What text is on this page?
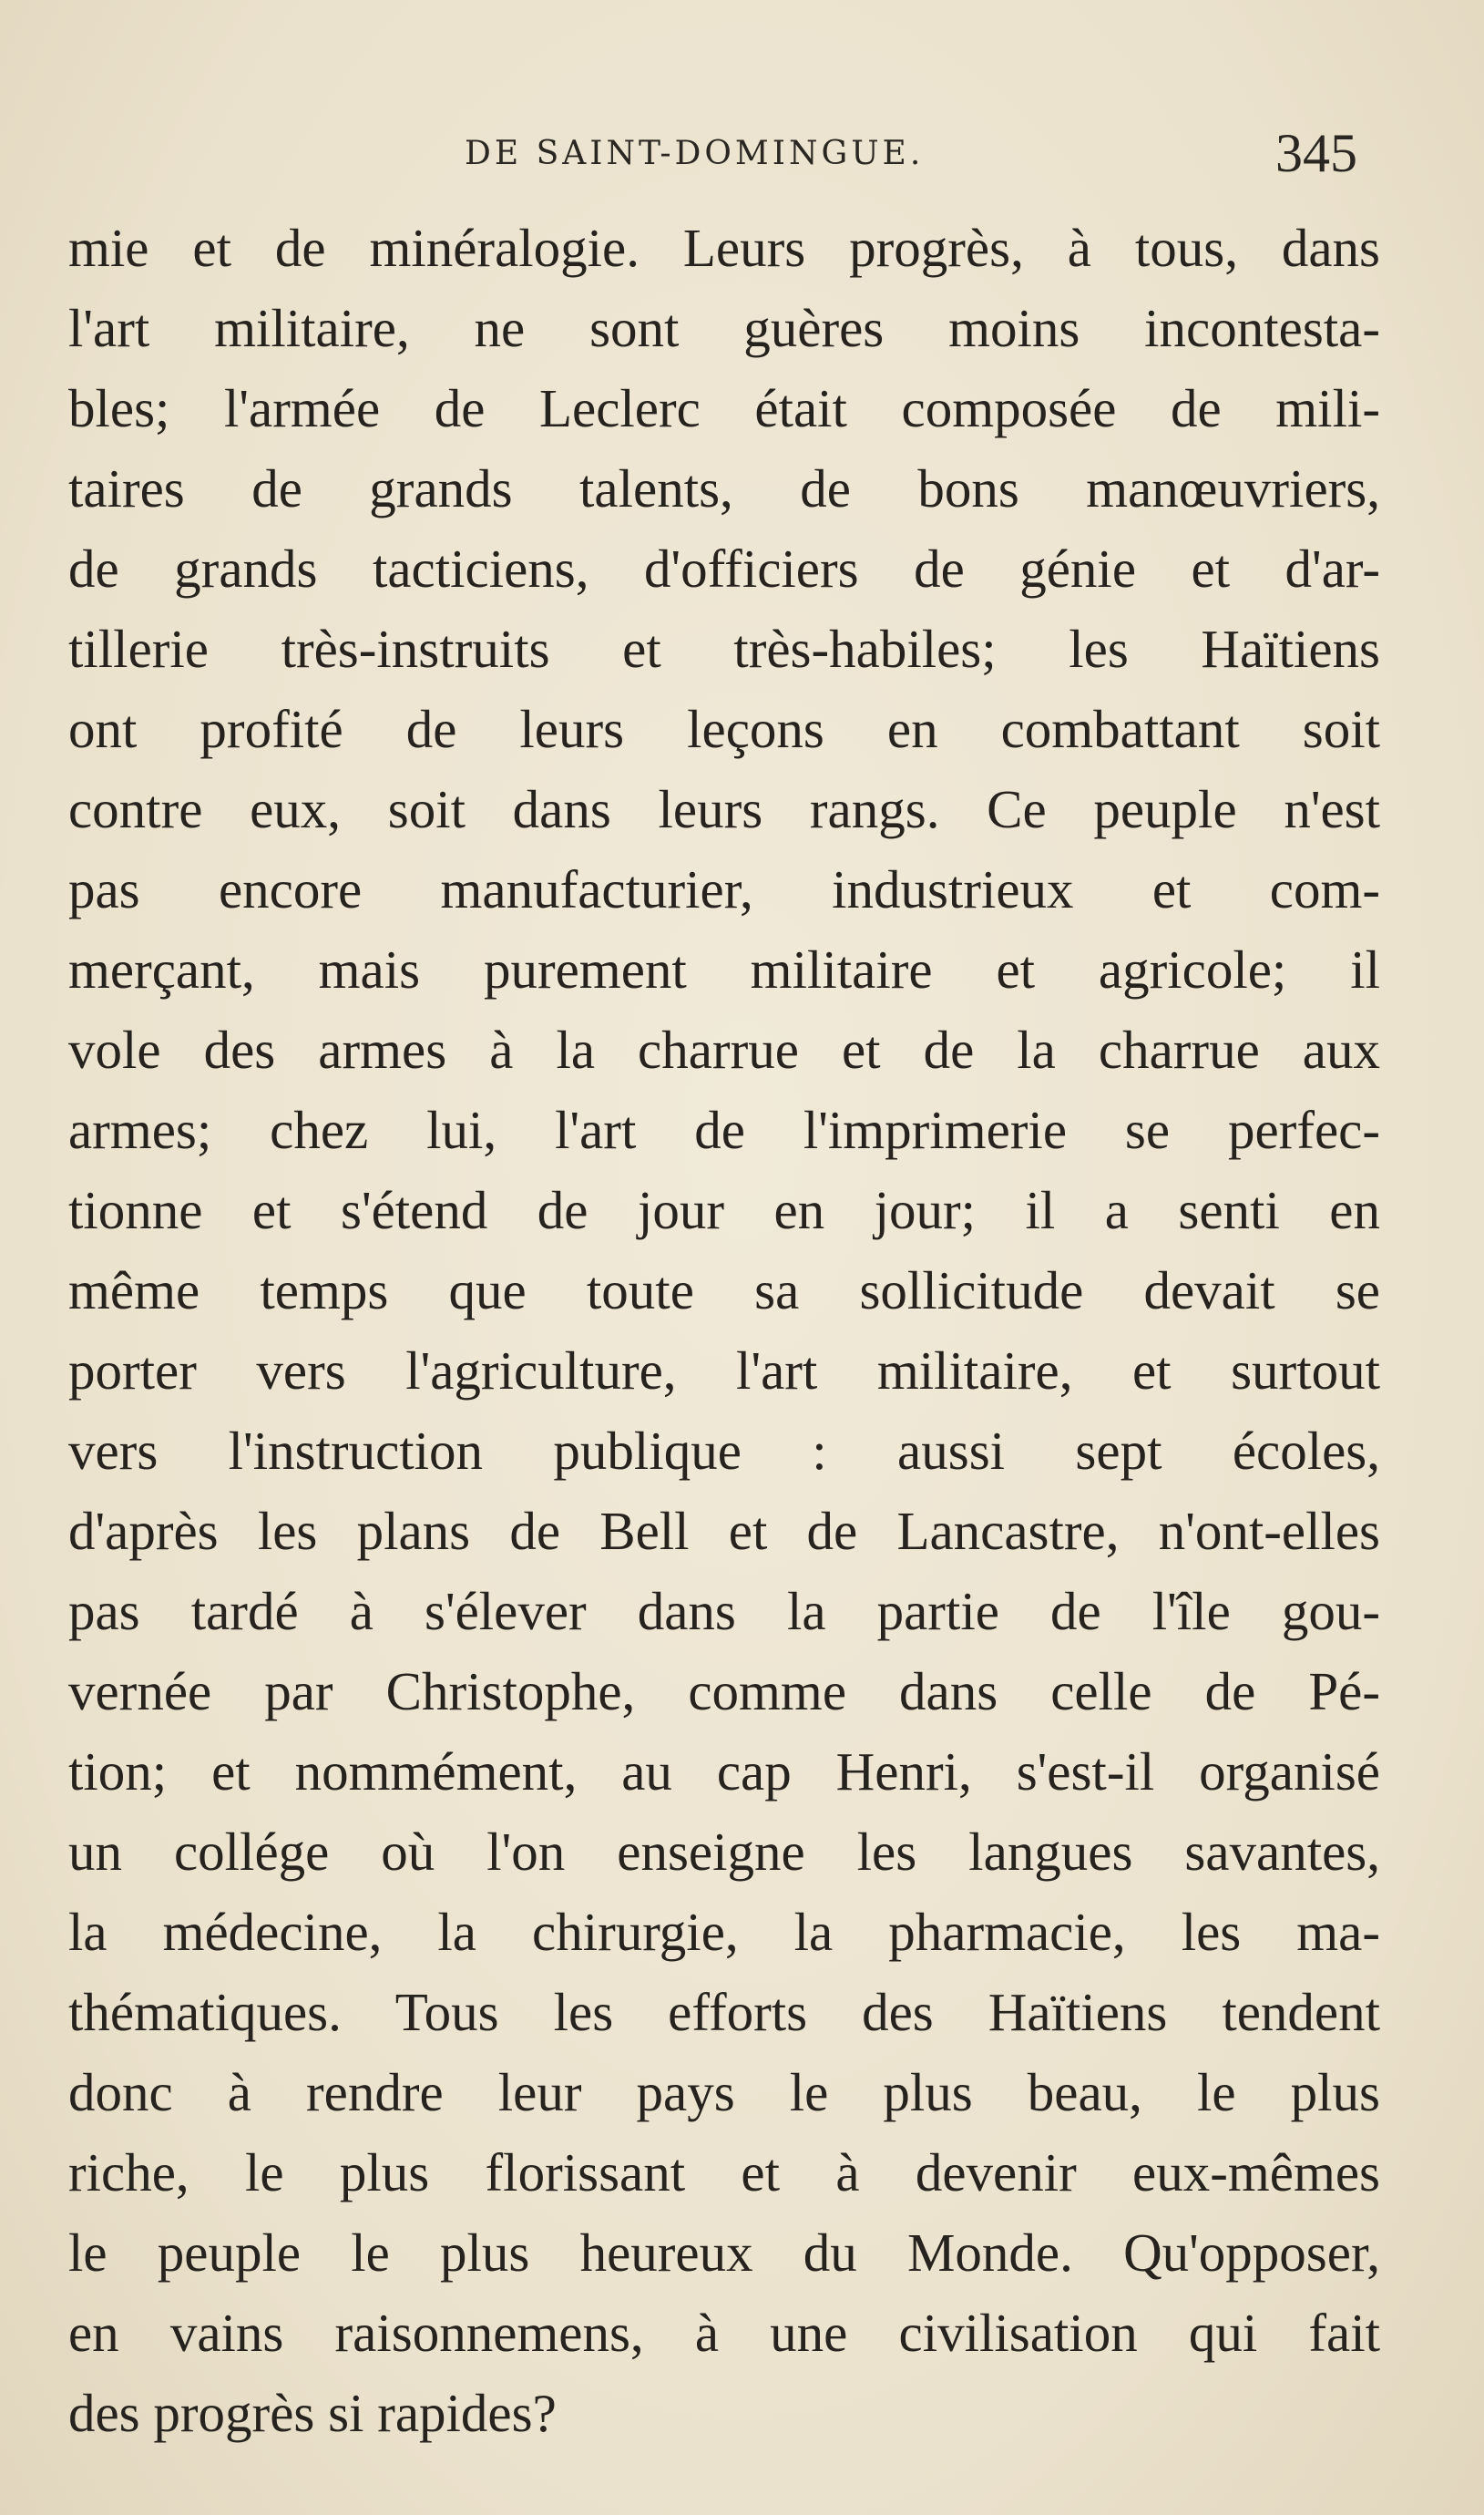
DE SAINT-DOMINGUE.	345
mie et de minéralogie. Leurs progrès, à tous, dans
l'art militaire, ne sont guères moins incontesta-
bles; l'armée de Leclerc était composée de mili-
taires de grands talents, de bons manœuvriers,
de grands tacticiens, d'officiers de génie et d'ar-
tillerie très-instruits et très-habiles; les Haïtiens
ont profité de leurs leçons en combattant soit
contre eux, soit dans leurs rangs. Ce peuple n'est
pas encore manufacturier, industrieux et com-
merçant, mais purement militaire et agricole; il
vole des armes à la charrue et de la charrue aux
armes; chez lui, l'art de l'imprimerie se perfec-
tionne et s'étend de jour en jour; il a senti en
même temps que toute sa sollicitude devait se
porter vers l'agriculture, l'art militaire, et surtout
vers l'instruction publique : aussi sept écoles,
d'après les plans de Bell et de Lancastre, n'ont-elles
pas tardé à s'élever dans la partie de l'île gou-
vernée par Christophe, comme dans celle de Pé-
tion; et nommément, au cap Henri, s'est-il organisé
un collége où l'on enseigne les langues savantes,
la médecine, la chirurgie, la pharmacie, les ma-
thématiques. Tous les efforts des Haïtiens tendent
donc à rendre leur pays le plus beau, le plus
riche, le plus florissant et à devenir eux-mêmes
le peuple le plus heureux du Monde. Qu'opposer,
en vains raisonnemens, à une civilisation qui fait
des progrès si rapides?
